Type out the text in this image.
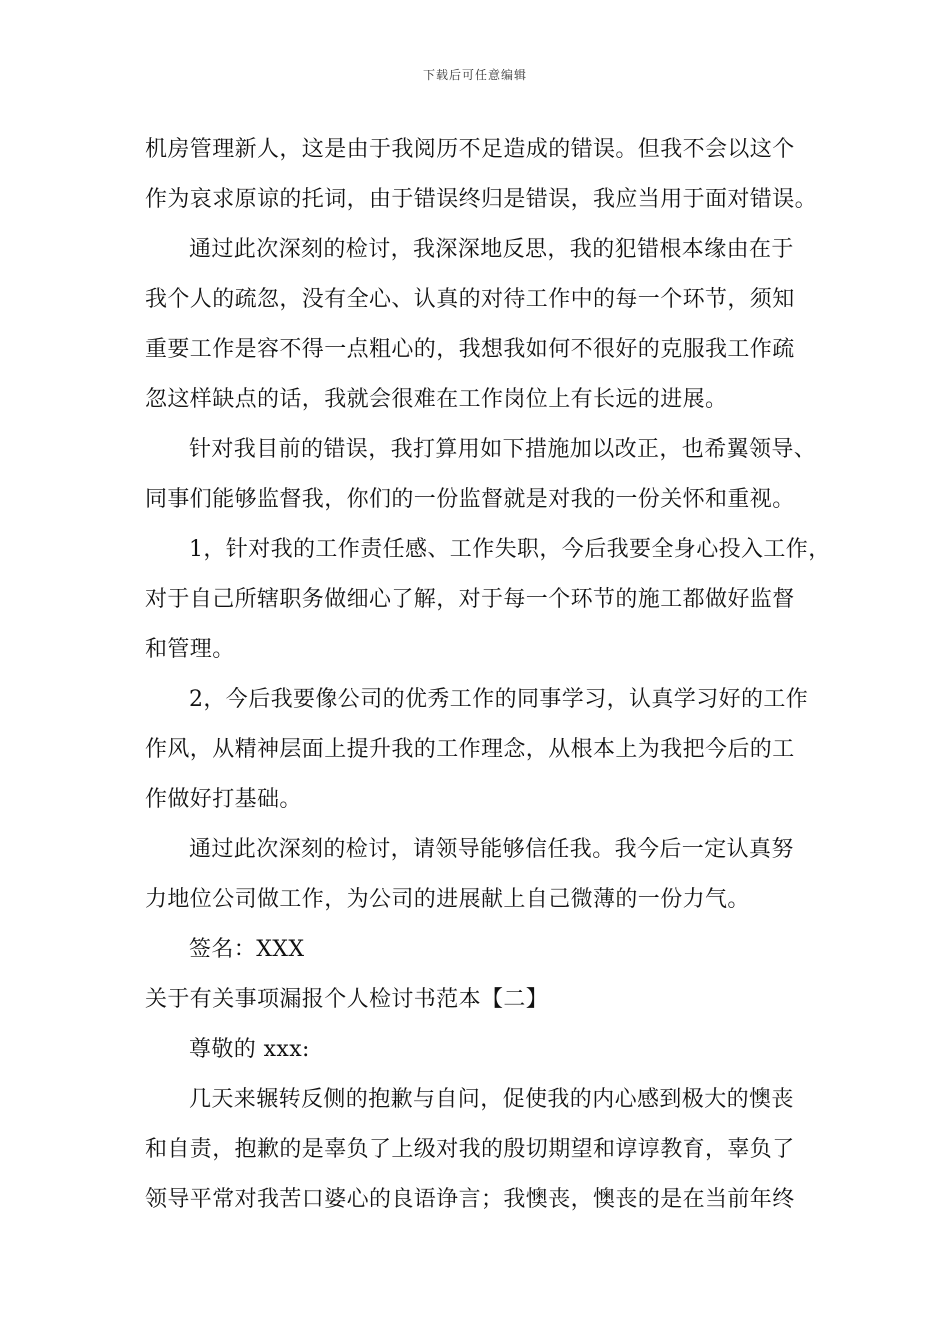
下载后可任意编辑
机房管理新人，这是由于我阅历不足造成的错误。但我不会以这个
作为哀求原谅的托词，由于错误终归是错误，我应当用于面对错误。
通过此次深刻的检讨，我深深地反思，我的犯错根本缘由在于
我个人的疏忽，没有全心、认真的对待工作中的每一个环节，须知
重要工作是容不得一点粗心的，我想我如何不很好的克服我工作疏
忽这样缺点的话，我就会很难在工作岗位上有长远的进展。
针对我目前的错误，我打算用如下措施加以改正，也希翼领导、
同事们能够监督我，你们的一份监督就是对我的一份关怀和重视。
1，针对我的工作责任感、工作失职，今后我要全身心投入工作，
对于自己所辖职务做细心了解，对于每一个环节的施工都做好监督
和管理。
2，今后我要像公司的优秀工作的同事学习，认真学习好的工作
作风，从精神层面上提升我的工作理念，从根本上为我把今后的工
作做好打基础。
通过此次深刻的检讨，请领导能够信任我。我今后一定认真努
力地位公司做工作，为公司的进展献上自己微薄的一份力气。
签名：XXX
关于有关事项漏报个人检讨书范本【二】
尊敬的 xxx:
几天来辗转反侧的抱歉与自问，促使我的内心感到极大的懊丧
和自责，抱歉的是辜负了上级对我的殷切期望和谆谆教育，辜负了
领导平常对我苦口婆心的良语诤言；我懊丧，懊丧的是在当前年终
